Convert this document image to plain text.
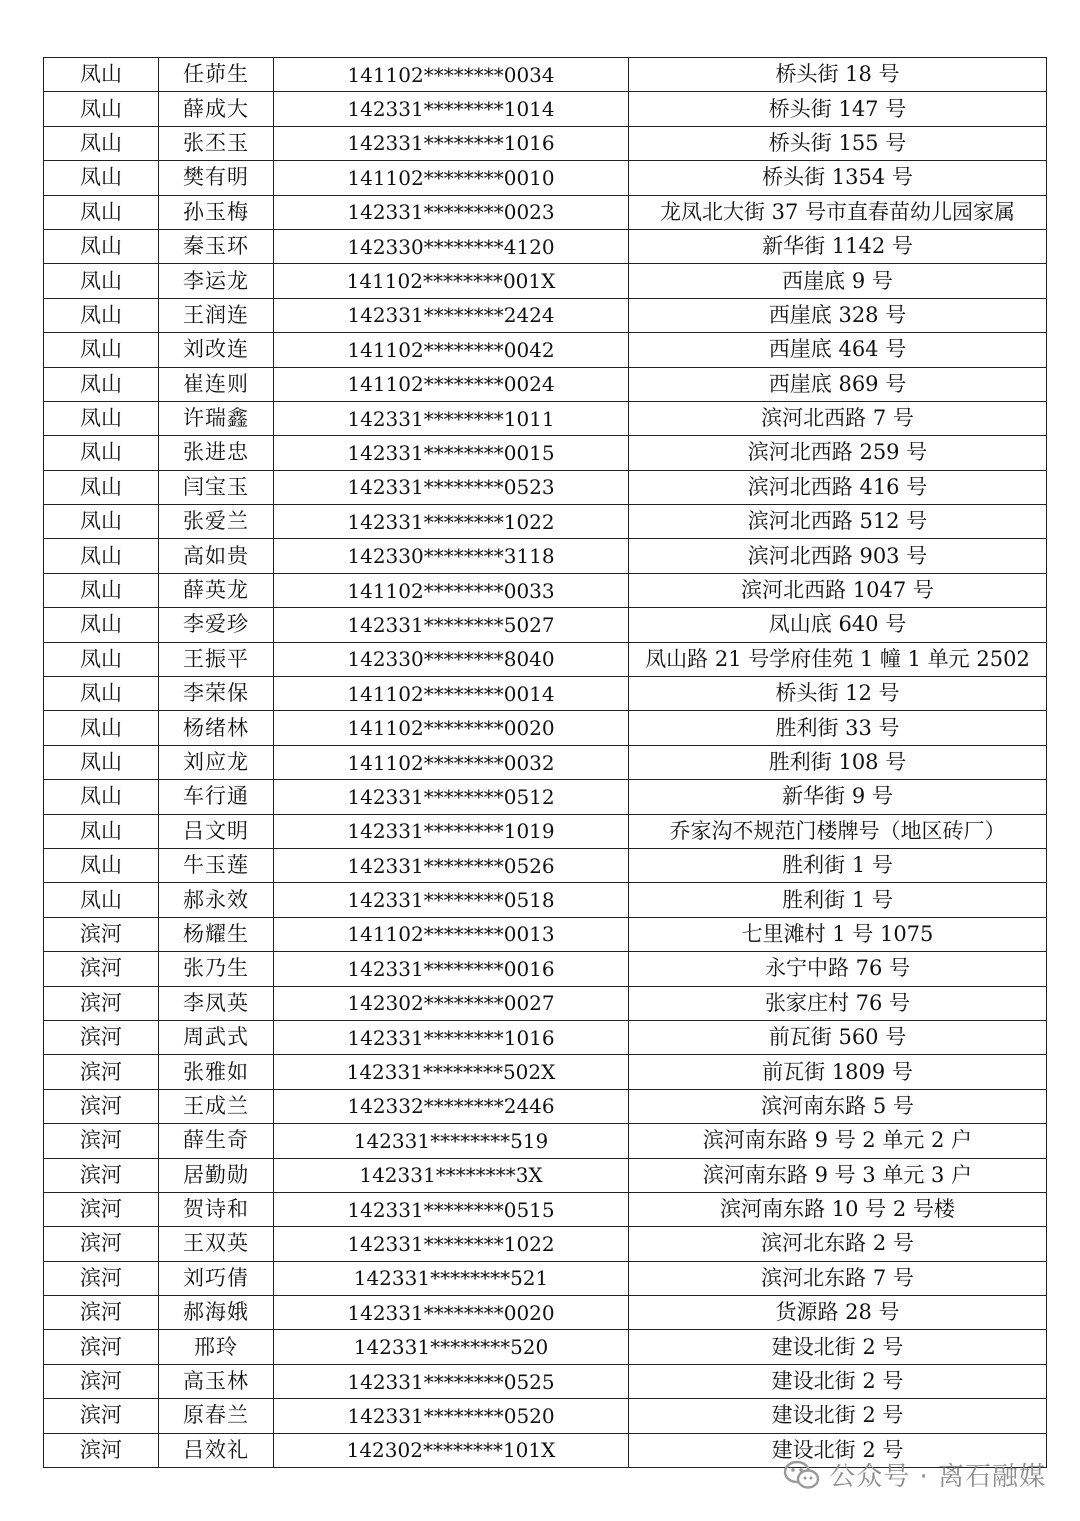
凤山	任茆生	141102********0034	桥头街 18 号
凤山	薛成大	142331********1014	桥头街 147 号
凤山	张丕玉	142331********1016	桥头街 155 号
凤山	樊有明	141102********0010	桥头街 1354 号
凤山	孙玉梅	142331********0023	龙凤北大街 37 号市直春苗幼儿园家属
凤山	秦玉环	142330********4120	新华街 1142 号
凤山	李运龙	141102********001X	西崖底 9 号
凤山	王润连	142331********2424	西崖底 328 号
凤山	刘改连	141102********0042	西崖底 464 号
凤山	崔连则	141102********0024	西崖底 869 号
凤山	许瑞鑫	142331********1011	滨河北西路 7 号
凤山	张进忠	142331********0015	滨河北西路 259 号
凤山	闫宝玉	142331********0523	滨河北西路 416 号
凤山	张爱兰	142331********1022	滨河北西路 512 号
凤山	高如贵	142330********3118	滨河北西路 903 号
凤山	薛英龙	141102********0033	滨河北西路 1047 号
凤山	李爱珍	142331********5027	凤山底 640 号
凤山	王振平	142330********8040	凤山路 21 号学府佳苑 1 幢 1 单元 2502
凤山	李荣保	141102********0014	桥头街 12 号
凤山	杨绪林	141102********0020	胜利街 33 号
凤山	刘应龙	141102********0032	胜利街 108 号
凤山	车行通	142331********0512	新华街 9 号
凤山	吕文明	142331********1019	乔家沟不规范门楼牌号（地区砖厂）
凤山	牛玉莲	142331********0526	胜利街 1 号
凤山	郝永效	142331********0518	胜利街 1 号
滨河	杨耀生	141102********0013	七里滩村 1 号 1075
滨河	张乃生	142331********0016	永宁中路 76 号
滨河	李凤英	142302********0027	张家庄村 76 号
滨河	周武式	142331********1016	前瓦街 560 号
滨河	张雅如	142331********502X	前瓦街 1809 号
滨河	王成兰	142332********2446	滨河南东路 5 号
滨河	薛生奇	142331********519	滨河南东路 9 号 2 单元 2 户
滨河	居勤勋	142331********3X	滨河南东路 9 号 3 单元 3 户
滨河	贺诗和	142331********0515	滨河南东路 10 号 2 号楼
滨河	王双英	142331********1022	滨河北东路 2 号
滨河	刘巧倩	142331********521	滨河北东路 7 号
滨河	郝海娥	142331********0020	货源路 28 号
滨河	邢玲	142331********520	建设北街 2 号
滨河	高玉林	142331********0525	建设北街 2 号
滨河	原春兰	142331********0520	建设北街 2 号
滨河	吕效礼	142302********101X	建设北街 2 号
公众号 · 离石融媒
